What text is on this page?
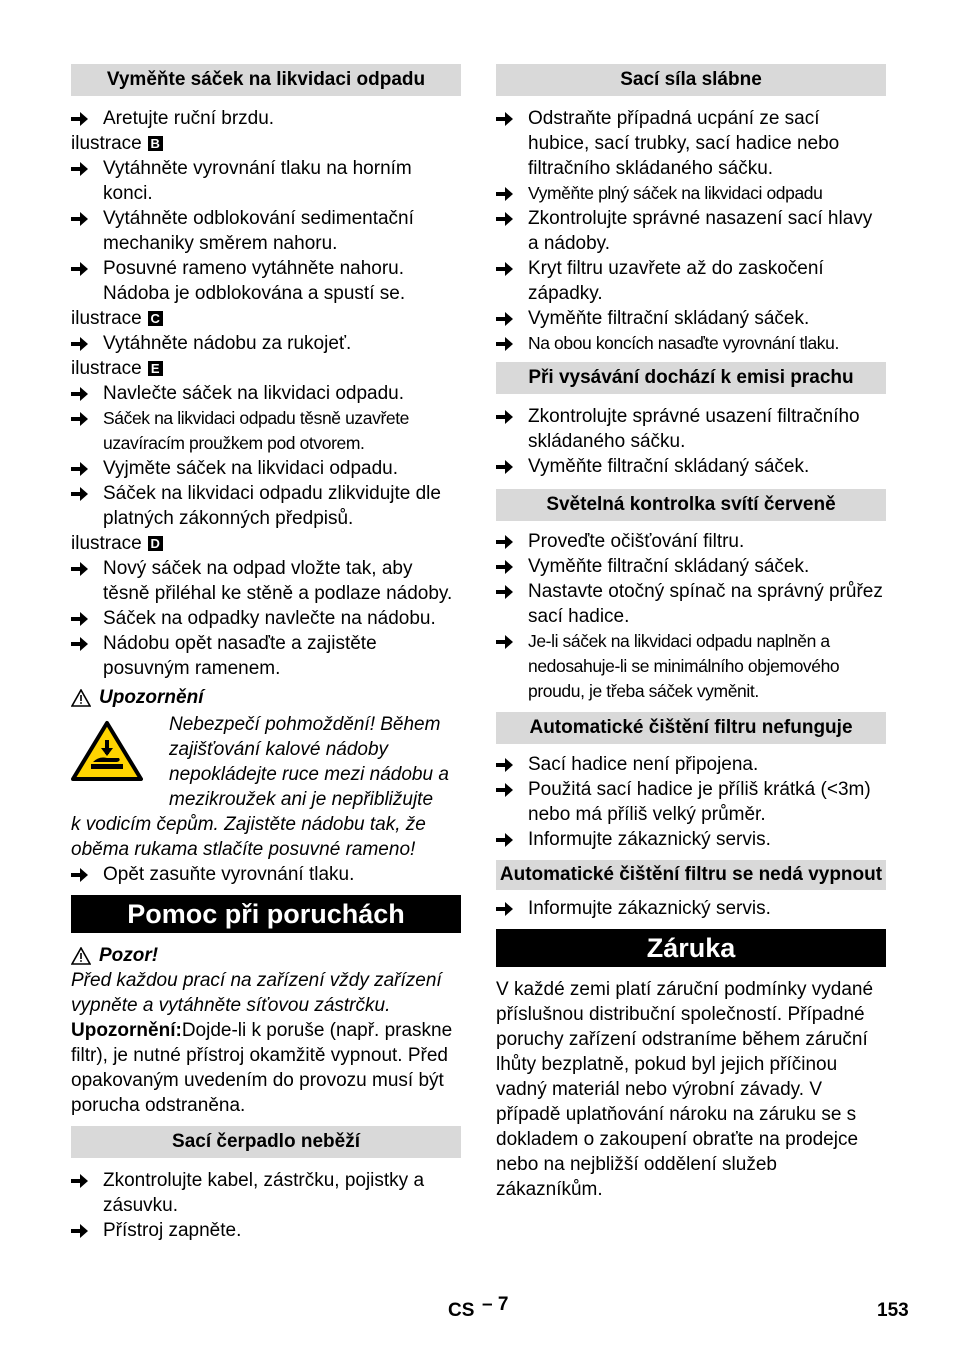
Vyměňte sáček na likvidaci odpadu
Aretujte ruční brzdu.
ilustrace B
Vytáhněte vyrovnání tlaku na horním konci.
Vytáhněte odblokování sedimentační mechaniky směrem nahoru.
Posuvné rameno vytáhněte nahoru. Nádoba je odblokována a spustí se.
ilustrace C
Vytáhněte nádobu za rukojeť.
ilustrace E
Navlečte sáček na likvidaci odpadu.
Sáček na likvidaci odpadu těsně uzavřete uzavíracím proužkem pod otvorem.
Vyjměte sáček na likvidaci odpadu.
Sáček na likvidaci odpadu zlikvidujte dle platných zákonných předpisů.
ilustrace D
Nový sáček na odpad vložte tak, aby těsně přiléhal ke stěně a podlaze nádoby.
Sáček na odpadky navlečte na nádobu.
Nádobu opět nasaďte a zajistěte posuvným ramenem.
Upozornění
Nebezpečí pohmoždění! Během zajišťování kalové nádoby nepokládejte ruce mezi nádobu a mezikroužek ani je nepřibližujte
k vodicím čepům. Zajistěte nádobu tak, že oběma rukama stlačíte posuvné rameno!
Opět zasuňte vyrovnání tlaku.
Pomoc při poruchách
Pozor!
Před každou prací na zařízení vždy zařízení vypněte a vytáhněte síťovou zástrčku.
Upozornění:Dojde-li k poruše (např. praskne filtr), je nutné přístroj okamžitě vypnout. Před opakovaným uvedením do provozu musí být porucha odstraněna.
Sací čerpadlo neběží
Zkontrolujte kabel, zástrčku, pojistky a zásuvku.
Přístroj zapněte.
Sací síla slábne
Odstraňte případná ucpání ze sací hubice, sací trubky, sací hadice nebo filtračního skládaného sáčku.
Vyměňte plný sáček na likvidaci odpadu
Zkontrolujte správné nasazení sací hlavy a nádoby.
Kryt filtru uzavřete až do zaskočení západky.
Vyměňte filtrační skládaný sáček.
Na obou koncích nasaďte vyrovnání tlaku.
Při vysávání dochází k emisi prachu
Zkontrolujte správné usazení filtračního skládaného sáčku.
Vyměňte filtrační skládaný sáček.
Světelná kontrolka svítí červeně
Proveďte očišťování filtru.
Vyměňte filtrační skládaný sáček.
Nastavte otočný spínač na správný průřez sací hadice.
Je-li sáček na likvidaci odpadu naplněn a nedosahuje-li se minimálního objemového proudu, je třeba sáček vyměnit.
Automatické čištění filtru nefunguje
Sací hadice není připojena.
Použitá sací hadice je příliš krátká (<3m) nebo má příliš velký průměr.
Informujte zákaznický servis.
Automatické čištění filtru se nedá vypnout
Informujte zákaznický servis.
Záruka
V každé zemi platí záruční podmínky vydané příslušnou distribuční společností. Případné poruchy zařízení odstraníme během záruční lhůty bezplatně, pokud byl jejich příčinou vadný materiál nebo výrobní závady. V případě uplatňování nároku na záruku se s dokladem o zakoupení obraťte na prodejce nebo na nejbližší oddělení služeb zákazníkům.
CS – 7	153
